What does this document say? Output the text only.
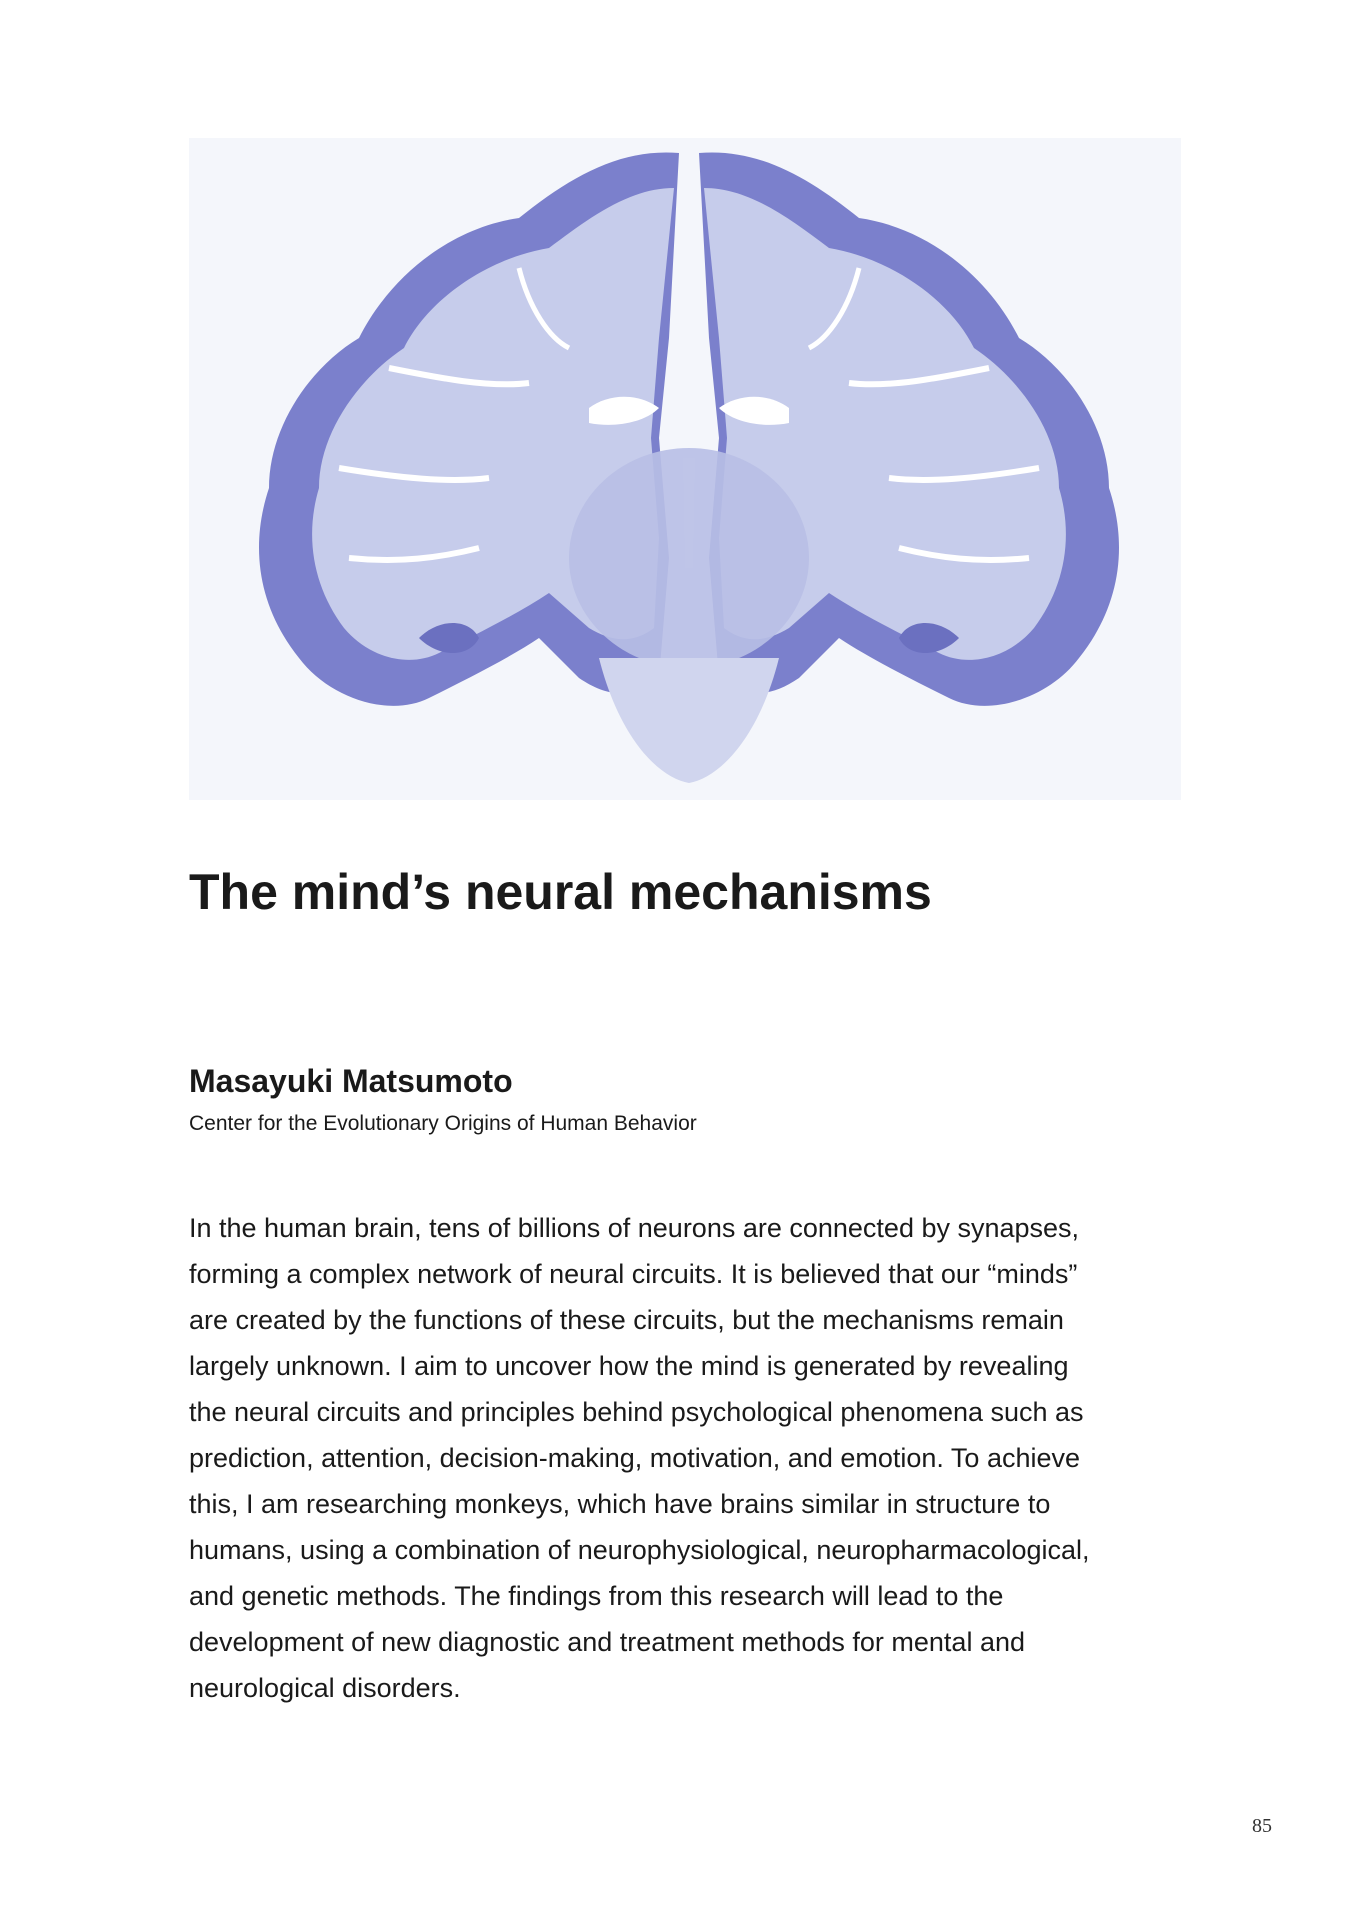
The mind’s neural mechanisms
Masayuki Matsumoto
Center for the Evolutionary Origins of Human Behavior
In the human brain, tens of billions of neurons are connected by synapses,
forming a complex network of neural circuits. It is believed that our “minds”
are created by the functions of these circuits, but the mechanisms remain
largely unknown. I aim to uncover how the mind is generated by revealing
the neural circuits and principles behind psychological phenomena such as
prediction, attention, decision-making, motivation, and emotion. To achieve
this, I am researching monkeys, which have brains similar in structure to
humans, using a combination of neurophysiological, neuropharmacological,
and genetic methods. The findings from this research will lead to the
development of new diagnostic and treatment methods for mental and
neurological disorders.
85
